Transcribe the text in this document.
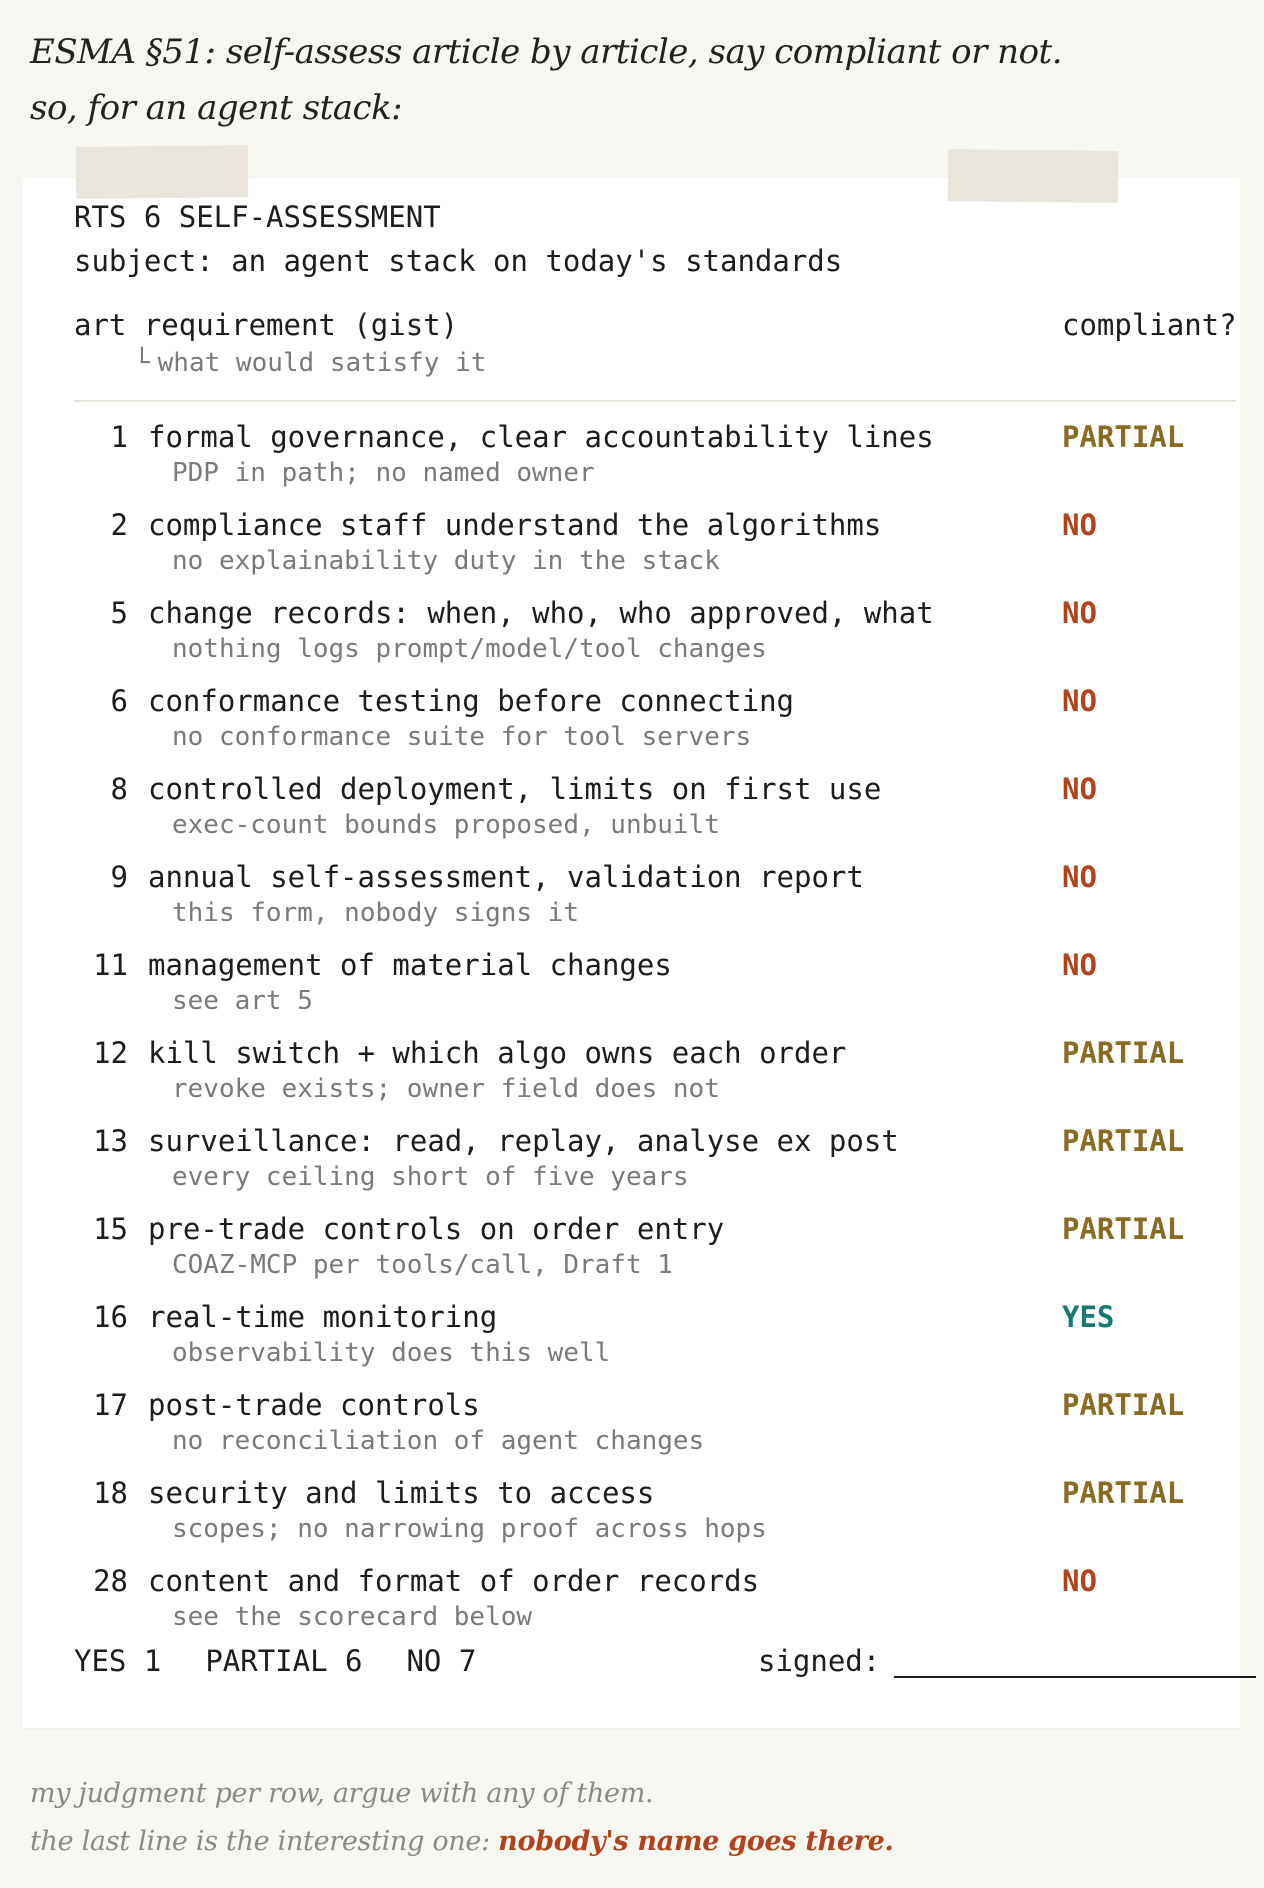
ESMA §51: self-assess article by article, say compliant or not.
so, for an agent stack:
RTS 6 SELF-ASSESSMENT
subject: an agent stack on today's standards
art requirement (gist)
└ what would satisfy it
compliant?
1 formal governance, clear accountability lines
PDP in path; no named owner
PARTIAL
2 compliance staff understand the algorithms
no explainability duty in the stack
NO
5 change records: when, who, who approved, what
nothing logs prompt/model/tool changes
NO
6 conformance testing before connecting
no conformance suite for tool servers
NO
8 controlled deployment, limits on first use
exec-count bounds proposed, unbuilt
NO
9 annual self-assessment, validation report
this form, nobody signs it
NO
11 management of material changes
see art 5
NO
12 kill switch + which algo owns each order
revoke exists; owner field does not
PARTIAL
13 surveillance: read, replay, analyse ex post
every ceiling short of five years
PARTIAL
15 pre-trade controls on order entry
COAZ-MCP per tools/call, Draft 1
PARTIAL
16 real-time monitoring
observability does this well
YES
17 post-trade controls
no reconciliation of agent changes
PARTIAL
18 security and limits to access
scopes; no narrowing proof across hops
PARTIAL
28 content and format of order records
see the scorecard below
NO
YES 1 PARTIAL 6 NO 7	signed:
my judgment per row, argue with any of them.
the last line is the interesting one: nobody's name goes there.
